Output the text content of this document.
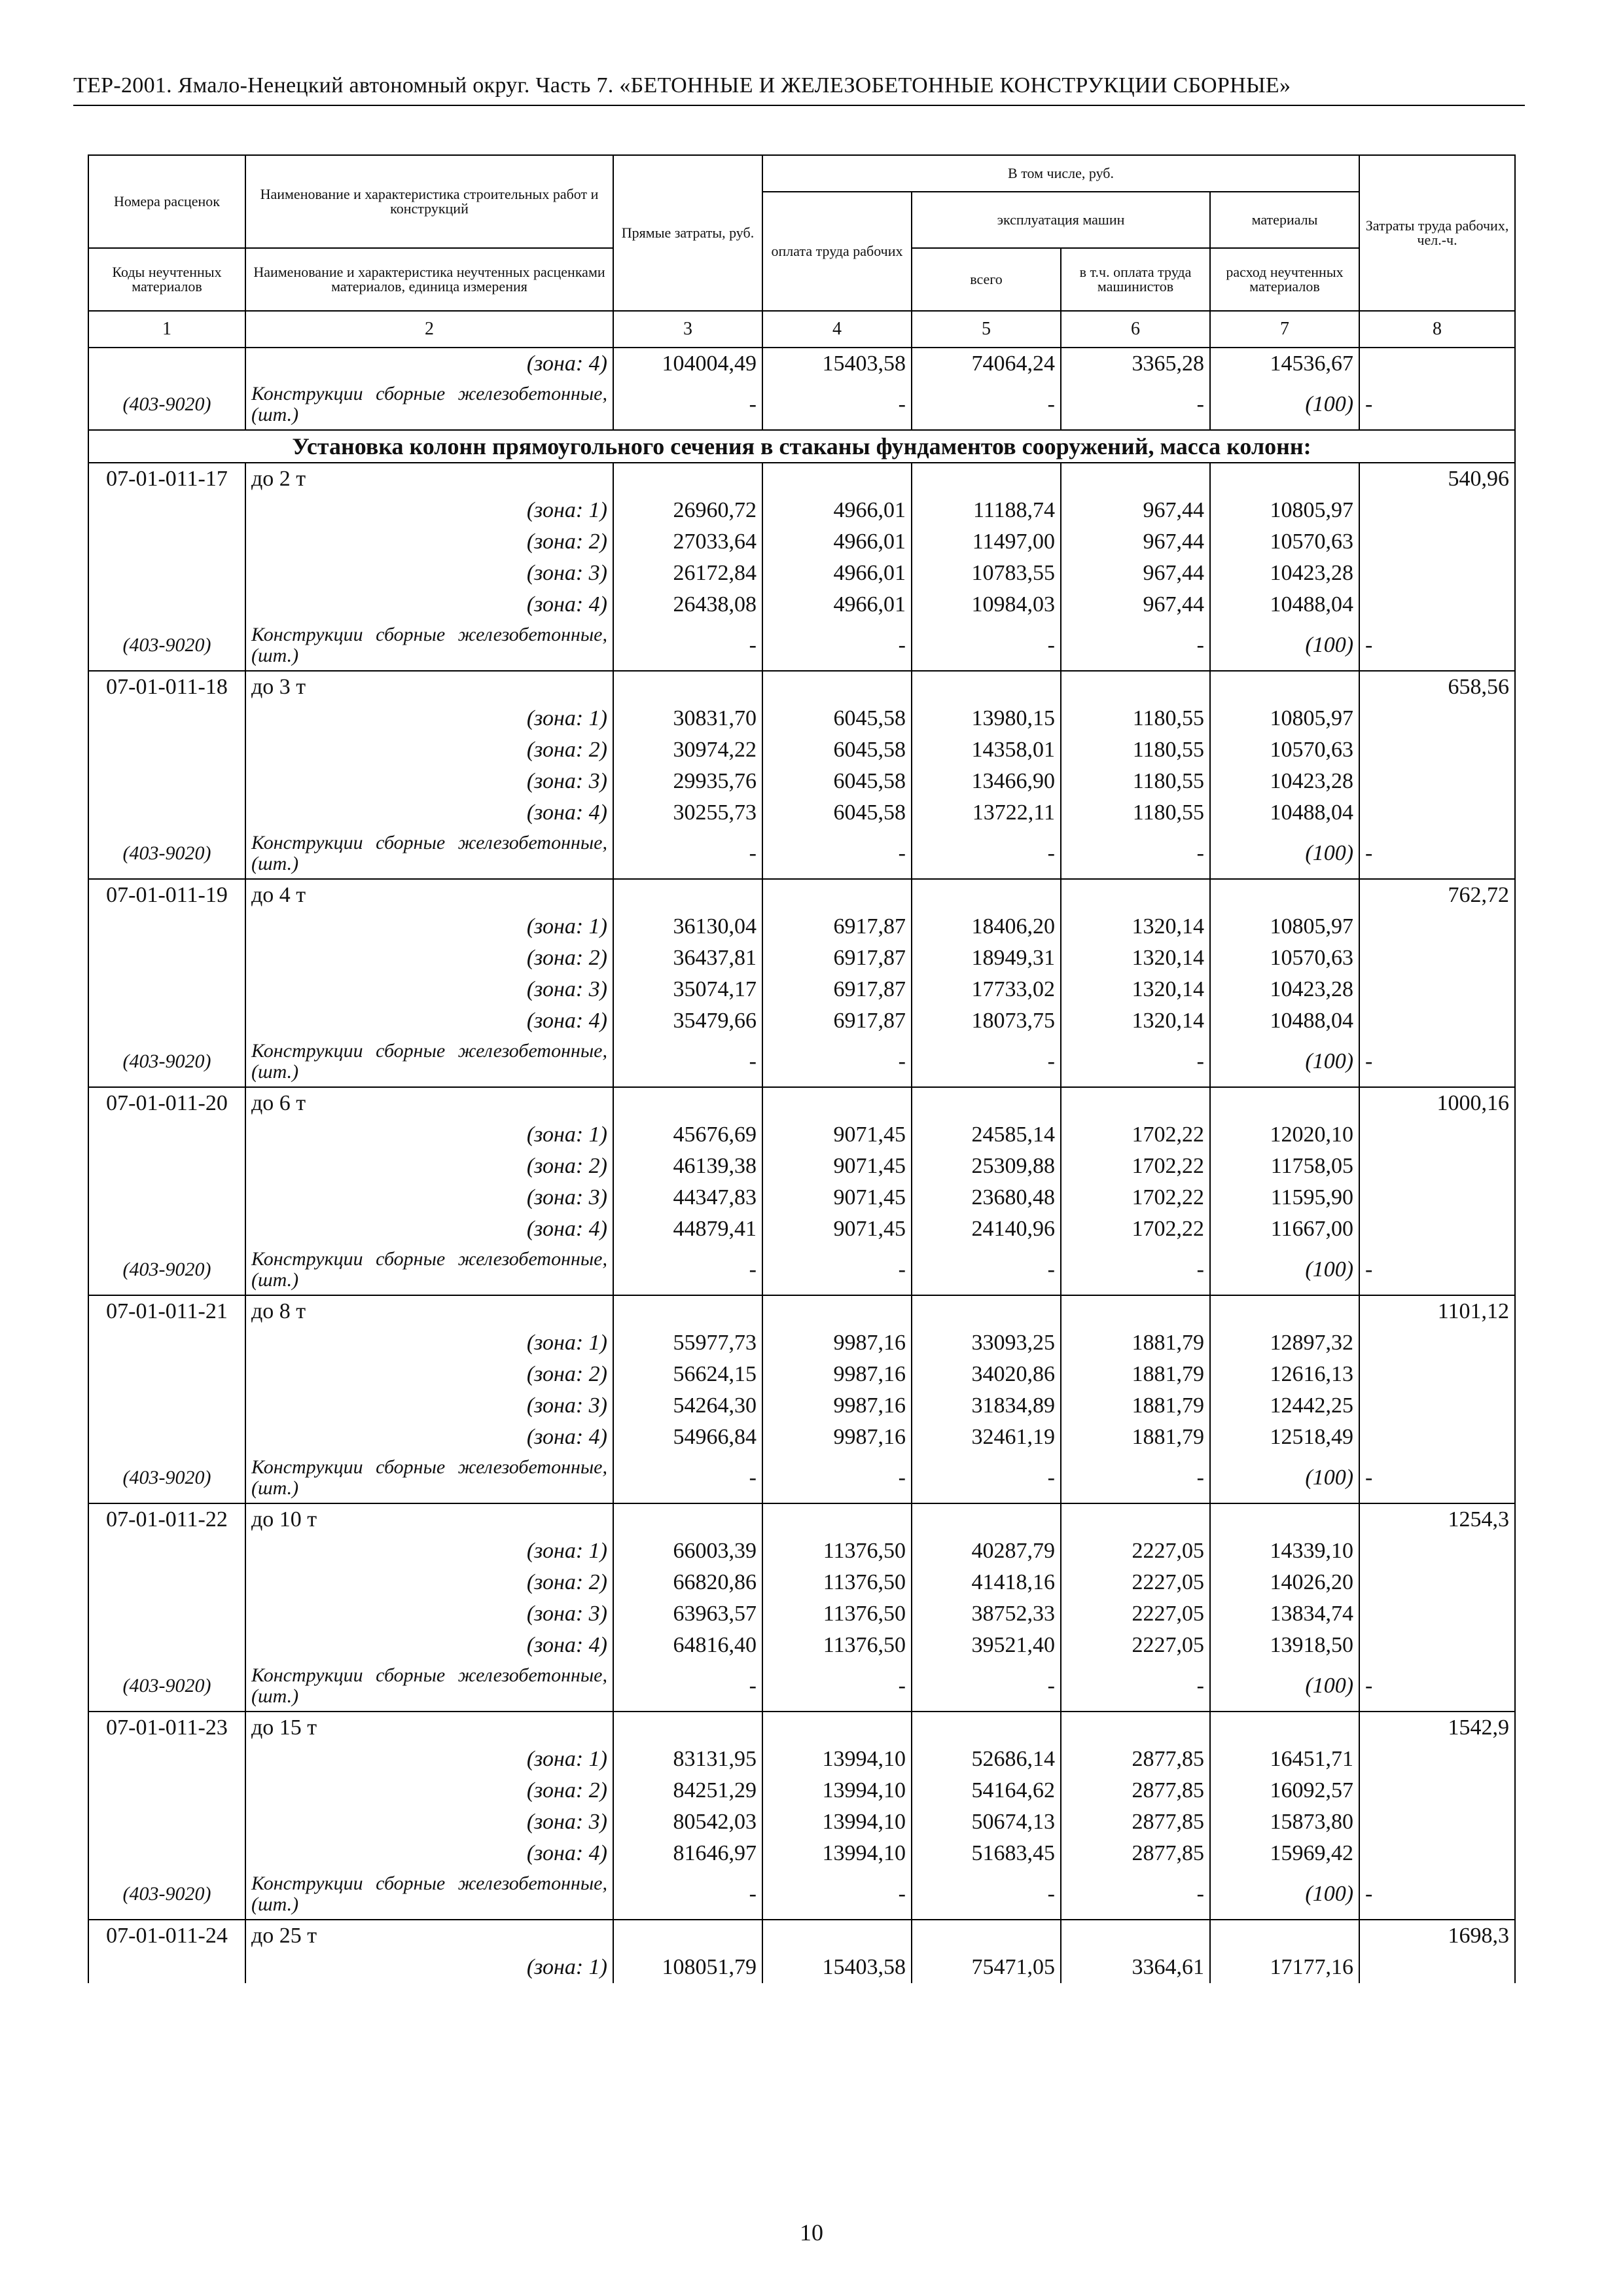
ТЕР-2001. Ямало-Ненецкий автономный округ. Часть 7. «БЕТОННЫЕ И ЖЕЛЕЗОБЕТОННЫЕ КОНСТРУКЦИИ СБОРНЫЕ»
Номера расценок	Наименование и характеристика строительных работ и конструкций	Прямые затраты, руб.	В том числе, руб.				Затраты труда рабочих, чел.-ч.
			оплата труда рабочих	эксплуатация машин		материалы	
Коды неучтенных материалов	Наименование и характеристика неучтенных расценками материалов, единица измерения			всего	в т.ч. оплата труда машинистов	расход неучтенных материалов	
1	2	3	4	5	6	7	8
	(зона: 4)	104004,49	15403,58	74064,24	3365,28	14536,67	
(403-9020)	Конструкции сборные железобетонные, (шт.)	-	-	-	-	(100)	-
Установка колонн прямоугольного сечения в стаканы фундаментов сооружений, масса колонн:							
07-01-011-17	до 2 т						540,96
	(зона: 1)	26960,72	4966,01	11188,74	967,44	10805,97	
	(зона: 2)	27033,64	4966,01	11497,00	967,44	10570,63	
	(зона: 3)	26172,84	4966,01	10783,55	967,44	10423,28	
	(зона: 4)	26438,08	4966,01	10984,03	967,44	10488,04	
(403-9020)	Конструкции сборные железобетонные, (шт.)	-	-	-	-	(100)	-
07-01-011-18	до 3 т						658,56
	(зона: 1)	30831,70	6045,58	13980,15	1180,55	10805,97	
	(зона: 2)	30974,22	6045,58	14358,01	1180,55	10570,63	
	(зона: 3)	29935,76	6045,58	13466,90	1180,55	10423,28	
	(зона: 4)	30255,73	6045,58	13722,11	1180,55	10488,04	
(403-9020)	Конструкции сборные железобетонные, (шт.)	-	-	-	-	(100)	-
07-01-011-19	до 4 т						762,72
	(зона: 1)	36130,04	6917,87	18406,20	1320,14	10805,97	
	(зона: 2)	36437,81	6917,87	18949,31	1320,14	10570,63	
	(зона: 3)	35074,17	6917,87	17733,02	1320,14	10423,28	
	(зона: 4)	35479,66	6917,87	18073,75	1320,14	10488,04	
(403-9020)	Конструкции сборные железобетонные, (шт.)	-	-	-	-	(100)	-
07-01-011-20	до 6 т						1000,16
	(зона: 1)	45676,69	9071,45	24585,14	1702,22	12020,10	
	(зона: 2)	46139,38	9071,45	25309,88	1702,22	11758,05	
	(зона: 3)	44347,83	9071,45	23680,48	1702,22	11595,90	
	(зона: 4)	44879,41	9071,45	24140,96	1702,22	11667,00	
(403-9020)	Конструкции сборные железобетонные, (шт.)	-	-	-	-	(100)	-
07-01-011-21	до 8 т						1101,12
	(зона: 1)	55977,73	9987,16	33093,25	1881,79	12897,32	
	(зона: 2)	56624,15	9987,16	34020,86	1881,79	12616,13	
	(зона: 3)	54264,30	9987,16	31834,89	1881,79	12442,25	
	(зона: 4)	54966,84	9987,16	32461,19	1881,79	12518,49	
(403-9020)	Конструкции сборные железобетонные, (шт.)	-	-	-	-	(100)	-
07-01-011-22	до 10 т						1254,3
	(зона: 1)	66003,39	11376,50	40287,79	2227,05	14339,10	
	(зона: 2)	66820,86	11376,50	41418,16	2227,05	14026,20	
	(зона: 3)	63963,57	11376,50	38752,33	2227,05	13834,74	
	(зона: 4)	64816,40	11376,50	39521,40	2227,05	13918,50	
(403-9020)	Конструкции сборные железобетонные, (шт.)	-	-	-	-	(100)	-
07-01-011-23	до 15 т						1542,9
	(зона: 1)	83131,95	13994,10	52686,14	2877,85	16451,71	
	(зона: 2)	84251,29	13994,10	54164,62	2877,85	16092,57	
	(зона: 3)	80542,03	13994,10	50674,13	2877,85	15873,80	
	(зона: 4)	81646,97	13994,10	51683,45	2877,85	15969,42	
(403-9020)	Конструкции сборные железобетонные, (шт.)	-	-	-	-	(100)	-
07-01-011-24	до 25 т						1698,3
	(зона: 1)	108051,79	15403,58	75471,05	3364,61	17177,16	
10
